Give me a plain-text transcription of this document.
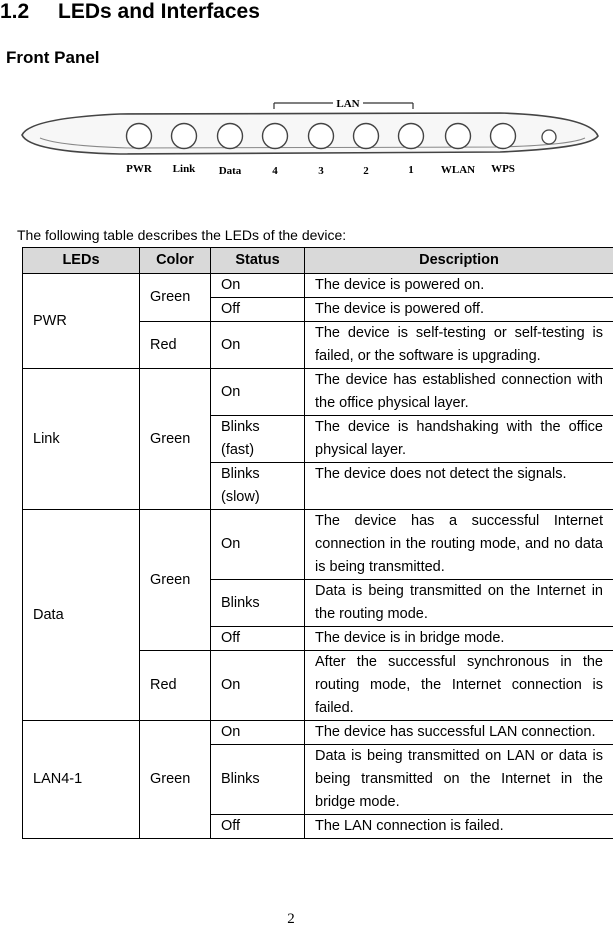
1.2 LEDs and Interfaces
Front Panel
LAN
PWR Link Data	4	3	2	1 WLAN WPS
The following table describes the LEDs of the device:
LEDs	Color	Status	Description
PWR	Green	On	The device is powered on.
		Off	The device is powered off.
	Red	On	The device is self-testing or self-testing is failed, or the software is upgrading.
Link	Green	On	The device has established connection with the office physical layer.
		Blinks (fast)	The device is handshaking with the office physical layer.
		Blinks (slow)	The device does not detect the signals.
Data	Green	On	The device has a successful Internet connection in the routing mode, and no data is being transmitted.
		Blinks	Data is being transmitted on the Internet in the routing mode.
		Off	The device is in bridge mode.
	Red	On	After the successful synchronous in the routing mode, the Internet connection is failed.
LAN4-1	Green	On	The device has successful LAN connection.
		Blinks	Data is being transmitted on LAN or data is being transmitted on the Internet in the bridge mode.
		Off	The LAN connection is failed.
2
